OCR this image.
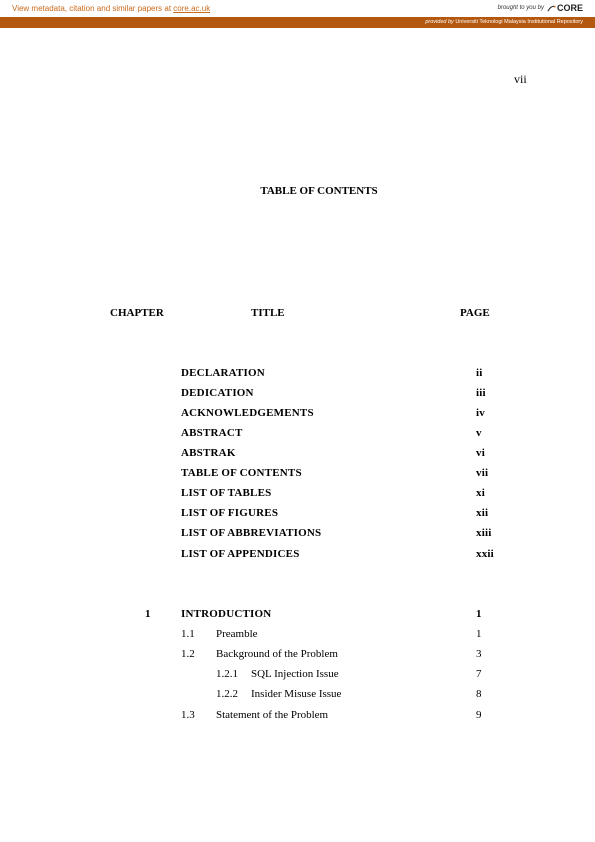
View metadata, citation and similar papers at core.ac.uk	brought to you by CORE
provided by Universiti Teknologi Malaysia Institutional Repository
vii
TABLE OF CONTENTS
CHAPTER	TITLE	PAGE
DECLARATION	ii
DEDICATION	iii
ACKNOWLEDGEMENTS	iv
ABSTRACT	v
ABSTRAK	vi
TABLE OF CONTENTS	vii
LIST OF TABLES	xi
LIST OF FIGURES	xii
LIST OF ABBREVIATIONS	xiii
LIST OF APPENDICES	xxii
1	INTRODUCTION	1
1.1 Preamble	1
1.2 Background of the Problem	3
1.2.1 SQL Injection Issue	7
1.2.2 Insider Misuse Issue	8
1.3 Statement of the Problem	9
